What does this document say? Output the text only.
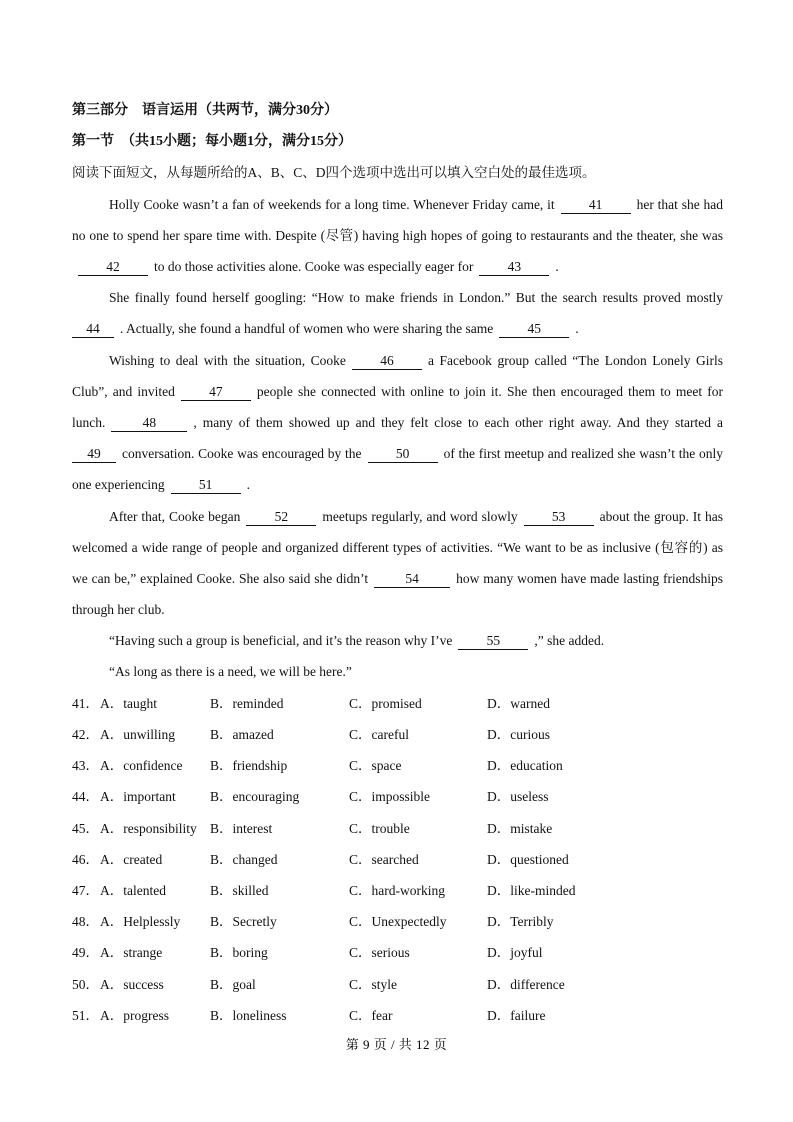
第三部分　语言运用（共两节，满分30分）
第一节　（共15小题；每小题1分，满分15分）
阅读下面短文，从每题所给的A、B、C、D四个选项中选出可以填入空白处的最佳选项。
Holly Cooke wasn’t a fan of weekends for a long time. Whenever Friday came, it	41	her that she had no one to spend her spare time with. Despite (尽管) having high hopes of going to restaurants and the theater, she was42	to do those activities alone. Cooke was especially eager for	43	.
She finally found herself googling: “How to make friends in London.” But the search results proved mostly 44 . Actually, she found a handful of women who were sharing the same	45	.
Wishing to deal with the situation, Cooke	46	a Facebook group called “The London Lonely Girls Club”, and invited	47	people she connected with online to join it. She then encouraged them to meet for lunch.	48	, many of them showed up and they felt close to each other right away. And they started a 49 conversation. Cooke was encouraged by the	50	of the first meetup and realized she wasn’t the only one experiencing	51	.
After that, Cooke began	52	meetups regularly, and word slowly	53	about the group. It has welcomed a wide range of people and organized different types of activities. “We want to be as inclusive (包容的) as we can be,” explained Cooke. She also said she didn’t	54	how many women have made lasting friendships through her club.
“Having such a group is beneficial, and it’s the reason why I’ve	55	,” she added.
“As long as there is a need, we will be here.”
41． A．taught	B．reminded	C．promised	D．warned
42． A．unwilling	B．amazed	C．careful	D．curious
43． A．confidence B．friendship	C．space	D．education
44． A．important	B．encouraging	C．impossible	D．useless
45． A．responsibility B．interest	C．trouble	D．mistake
46． A．created	B．changed	C．searched	D．questioned
47． A．talented	B．skilled	C．hard-working	D．like-minded
48． A．Helplessly B．Secretly	C．Unexpectedly	D．Terribly
49． A．strange	B．boring	C．serious	D．joyful
50． A．success	B．goal	C．style	D．difference
51． A．progress	B．loneliness	C．fear	D．failure
第 9 页 / 共 12 页
